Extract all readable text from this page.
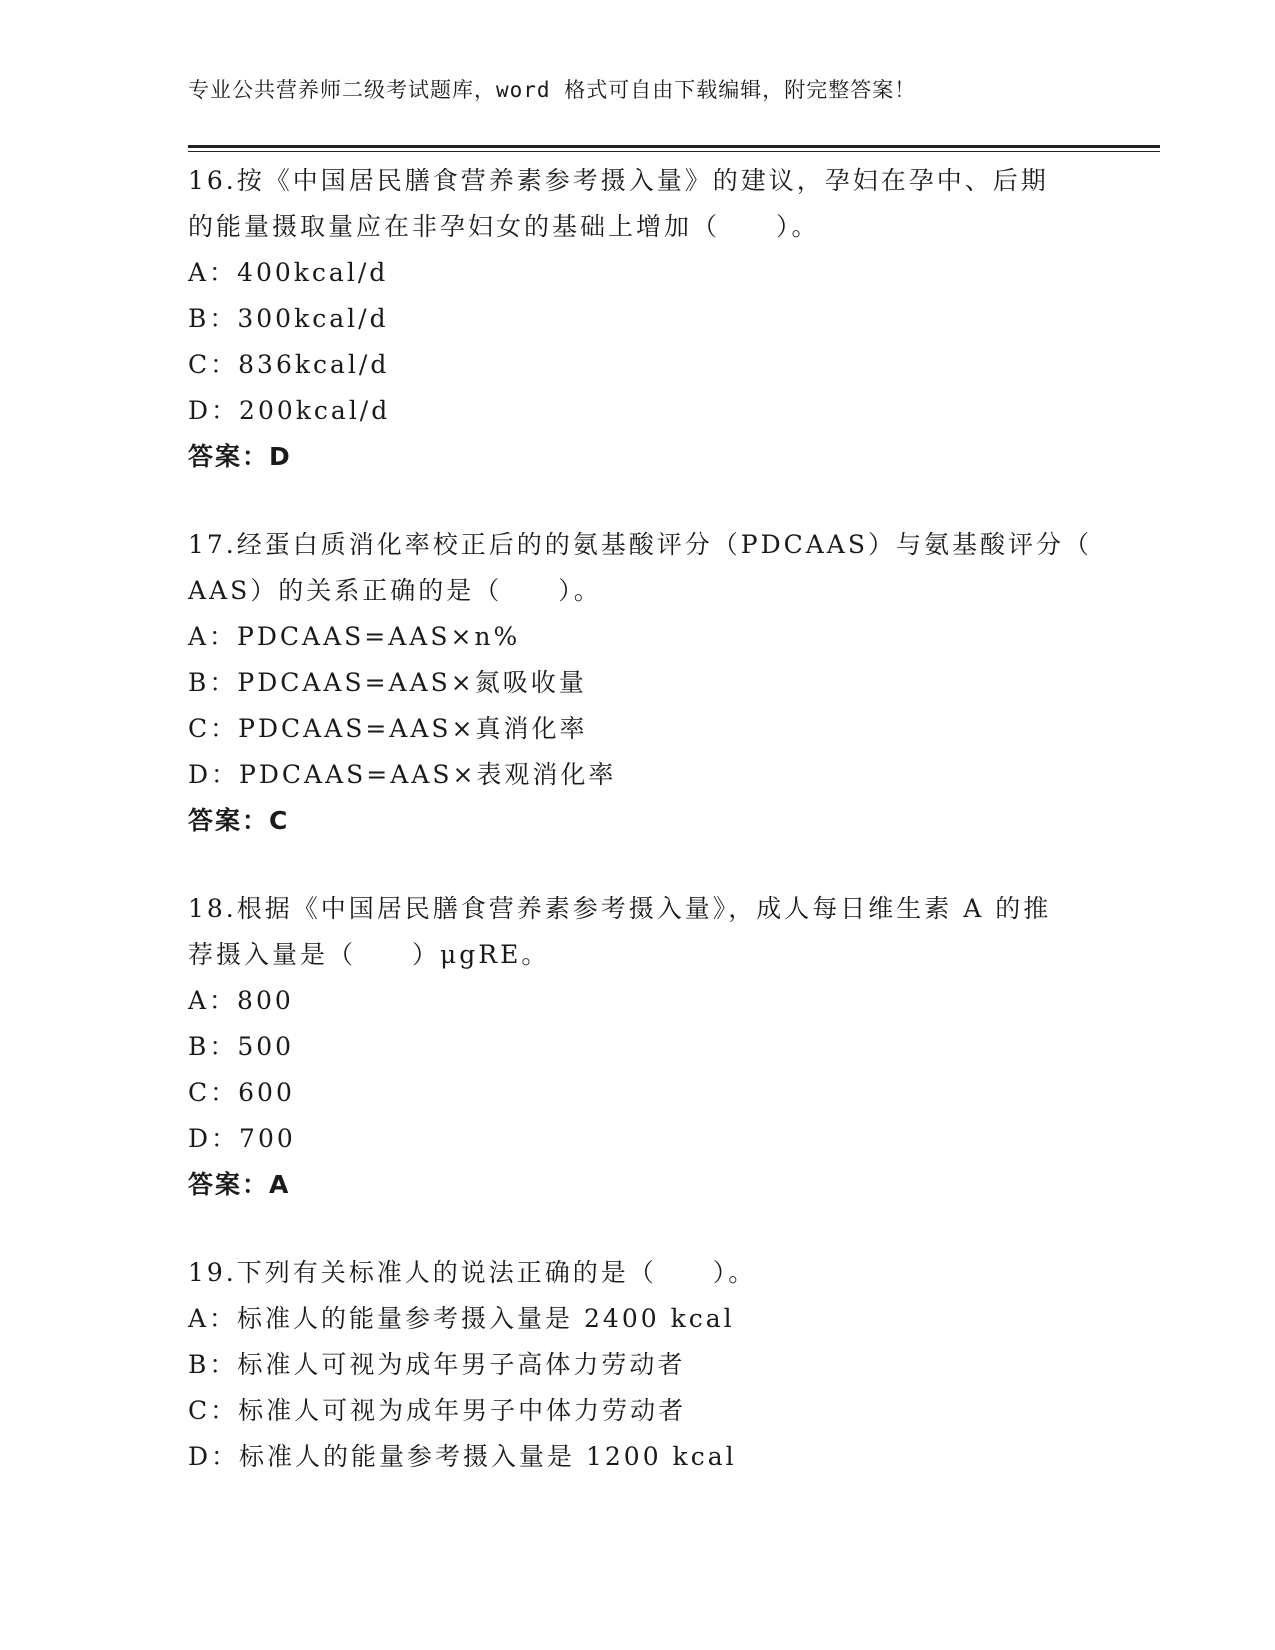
专业公共营养师二级考试题库，word 格式可自由下载编辑，附完整答案！
16.按《中国居民膳食营养素参考摄入量》的建议，孕妇在孕中、后期
的能量摄取量应在非孕妇女的基础上增加（　　）。
A：400kcal/d
B：300kcal/d
C：836kcal/d
D：200kcal/d
答案：D
17.经蛋白质消化率校正后的的氨基酸评分（PDCAAS）与氨基酸评分（
AAS）的关系正确的是（　　）。
A：PDCAAS=AAS×n%
B：PDCAAS=AAS×氮吸收量
C：PDCAAS=AAS×真消化率
D：PDCAAS=AAS×表观消化率
答案：C
18.根据《中国居民膳食营养素参考摄入量》，成人每日维生素 A 的推
荐摄入量是（　　）μgRE。
A：800
B：500
C：600
D：700
答案：A
19.下列有关标准人的说法正确的是（　　）。
A：标准人的能量参考摄入量是 2400 kcal
B：标准人可视为成年男子高体力劳动者
C：标准人可视为成年男子中体力劳动者
D：标准人的能量参考摄入量是 1200 kcal
